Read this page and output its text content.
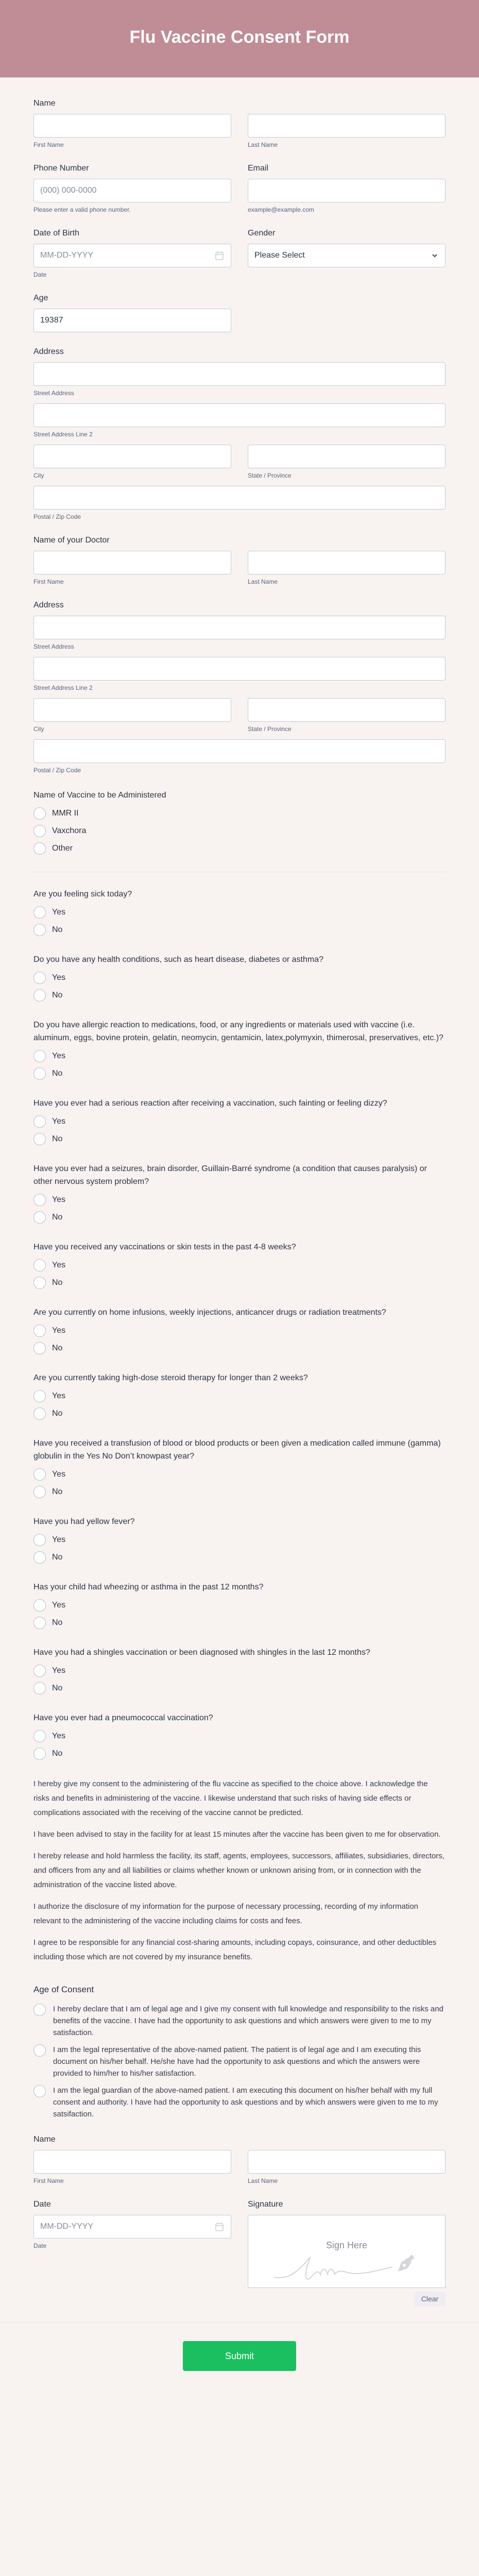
Flu Vaccine Consent Form
Name
First Name	Last Name
Phone Number
(000) 000-0000
Please enter a valid phone number.
Email
example@example.com
Date of Birth
MM-DD-YYYY
Date
Gender
Please Select
Age
19387
Address
Street Address
Street Address Line 2
City	State / Province
Postal / Zip Code
Name of your Doctor
First Name	Last Name
Address
Street Address
Street Address Line 2
City	State / Province
Postal / Zip Code
Name of Vaccine to be Administered
MMR II
Vaxchora
Other
Are you feeling sick today?
Yes
No
Do you have any health conditions, such as heart disease, diabetes or asthma?
Yes
No
Do you have allergic reaction to medications, food, or any ingredients or materials used with vaccine (i.e. aluminum, eggs, bovine protein, gelatin, neomycin, gentamicin, latex,polymyxin, thimerosal, preservatives, etc.)?
Yes
No
Have you ever had a serious reaction after receiving a vaccination, such fainting or feeling dizzy?
Yes
No
Have you ever had a seizures, brain disorder, Guillain-Barré syndrome (a condition that causes paralysis) or other nervous system problem?
Yes
No
Have you received any vaccinations or skin tests in the past 4-8 weeks?
Yes
No
Are you currently on home infusions, weekly injections, anticancer drugs or radiation treatments?
Yes
No
Are you currently taking high-dose steroid therapy for longer than 2 weeks?
Yes
No
Have you received a transfusion of blood or blood products or been given a medication called immune (gamma) globulin in the Yes No Don’t knowpast year?
Yes
No
Have you had yellow fever?
Yes
No
Has your child had wheezing or asthma in the past 12 months?
Yes
No
Have you had a shingles vaccination or been diagnosed with shingles in the last 12 months?
Yes
No
Have you ever had a pneumococcal vaccination?
Yes
No

I hereby give my consent to the administering of the flu vaccine as specified to the choice above. I acknowledge the risks and benefits in administering of the vaccine. I likewise understand that such risks of having side effects or complications associated with the receiving of the vaccine cannot be predicted.

I have been advised to stay in the facility for at least 15 minutes after the vaccine has been given to me for observation.

I hereby release and hold harmless the facility, its staff, agents, employees, successors, affiliates, subsidiaries, directors, and officers from any and all liabilities or claims whether known or unknown arising from, or in connection with the administration of the vaccine listed above.

I authorize the disclosure of my information for the purpose of necessary processing, recording of my information relevant to the administering of the vaccine including claims for costs and fees.

I agree to be responsible for any financial cost-sharing amounts, including copays, coinsurance, and other deductibles including those which are not covered by my insurance benefits.

Age of Consent
I hereby declare that I am of legal age and I give my consent with full knowledge and responsibility to the risks and benefits of the vaccine. I have had the opportunity to ask questions and which answers were given to me to my satisfaction.
I am the legal representative of the above-named patient. The patient is of legal age and I am executing this document on his/her behalf. He/she have had the opportunity to ask questions and which the answers were provided to him/her to his/her satisfaction.
I am the legal guardian of the above-named patient. I am executing this document on his/her behalf with my full consent and authority. I have had the opportunity to ask questions and by which answers were given to me to my satsifaction.
Name
First Name	Last Name
Date
MM-DD-YYYY
Date
Signature
Sign Here
Clear
Submit
